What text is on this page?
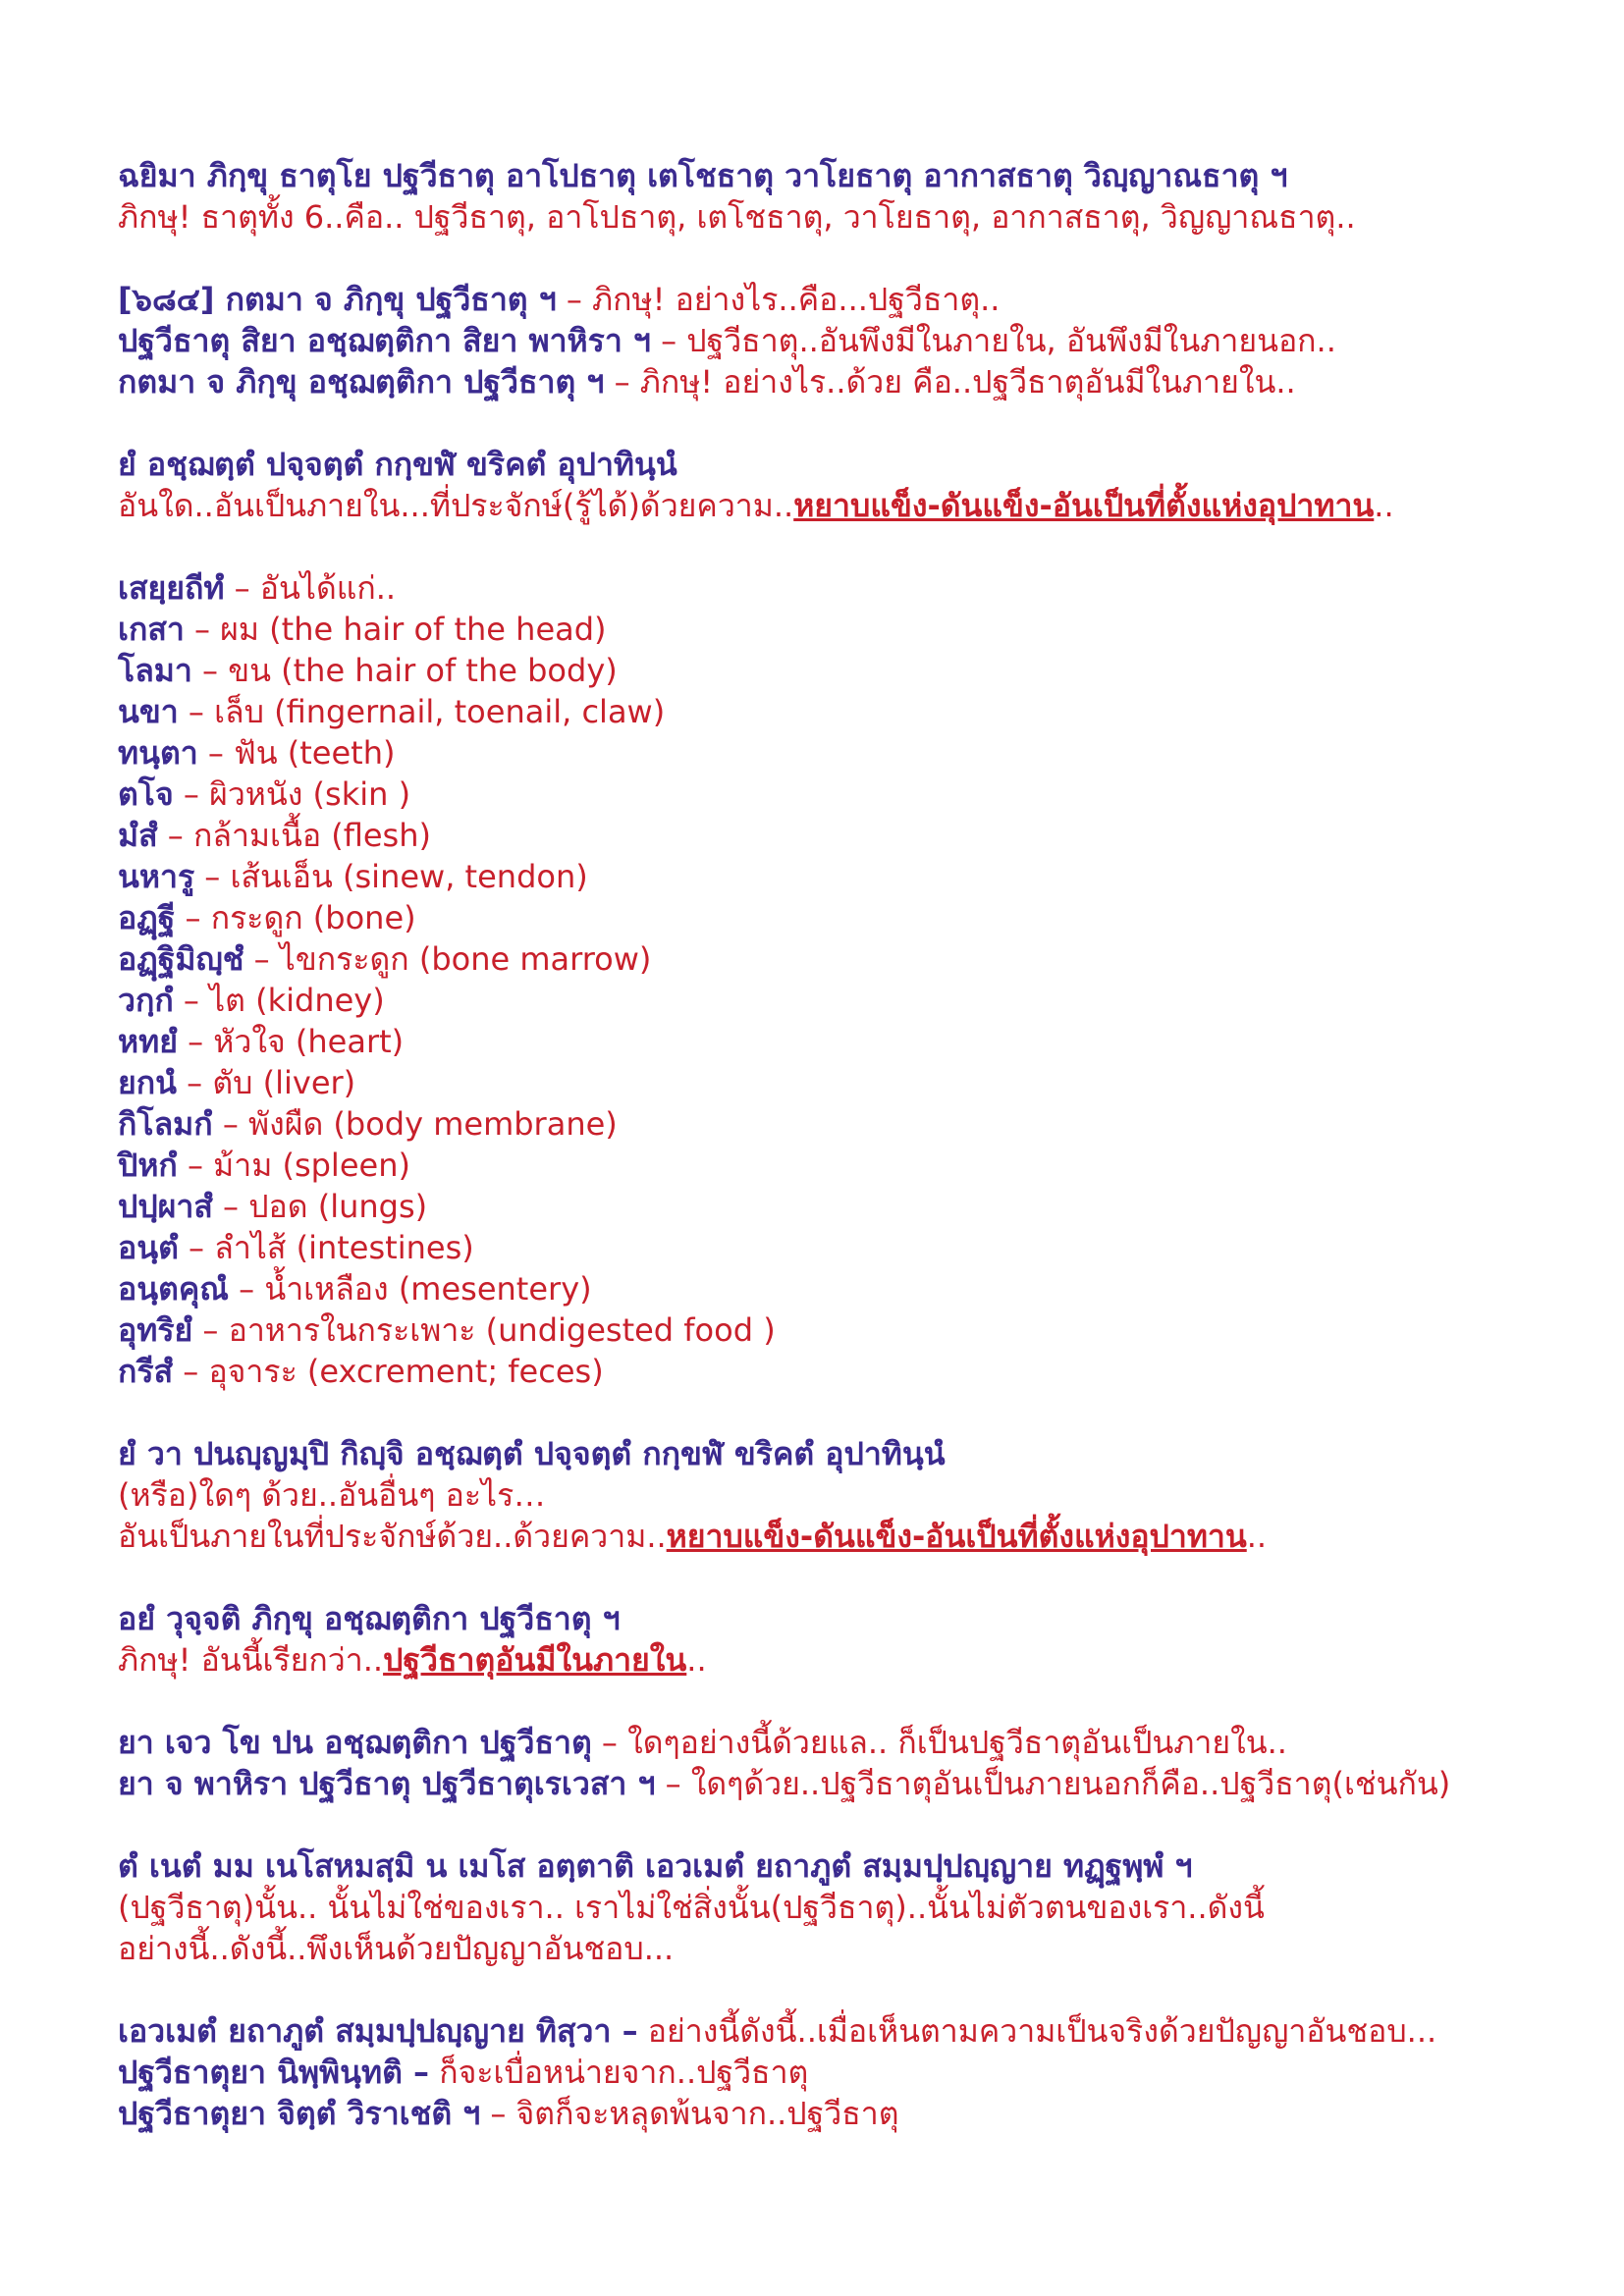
ฉยิมา ภิกฺขุ ธาตุโย ปฐวีธาตุ อาโปธาตุ เตโชธาตุ วาโยธาตุ อากาสธาตุ วิญฺญาณธาตุ ฯ
ภิกษุ! ธาตุทั้ง 6..คือ.. ปฐวีธาตุ, อาโปธาตุ, เตโชธาตุ, วาโยธาตุ, อากาสธาตุ, วิญญาณธาตุ..
[๖๘๔] กตมา จ ภิกฺขุ ปฐวีธาตุ ฯ – ภิกษุ! อย่างไร..คือ...ปฐวีธาตุ..
ปฐวีธาตุ สิยา อชฺฌตฺติกา สิยา พาหิรา ฯ – ปฐวีธาตุ..อันพึงมีในภายใน, อันพึงมีในภายนอก..
กตมา จ ภิกฺขุ อชฺฌตฺติกา ปฐวีธาตุ ฯ – ภิกษุ! อย่างไร..ด้วย คือ..ปฐวีธาตุอันมีในภายใน..
ยํ อชฺฌตฺตํ ปจฺจตฺตํ กกฺขฬํ ขริคตํ อุปาทินฺนํ
อันใด..อันเป็นภายใน...ที่ประจักษ์(รู้ได้)ด้วยความ..หยาบแข็ง-ดันแข็ง-อันเป็นที่ตั้งแห่งอุปาทาน..
เสยฺยถีทํ – อันได้แก่..
เกสา – ผม (the hair of the head)
โลมา – ขน (the hair of the body)
นขา – เล็บ (fingernail, toenail, claw)
ทนฺตา – ฟัน (teeth)
ตโจ – ผิวหนัง (skin )
มํสํ – กล้ามเนื้อ (flesh)
นหารู – เส้นเอ็น (sinew, tendon)
อฏฺฐี – กระดูก (bone)
อฏฺฐิมิญฺชํ – ไขกระดูก (bone marrow)
วกฺกํ – ไต (kidney)
หทยํ – หัวใจ (heart)
ยกนํ – ตับ (liver)
กิโลมกํ – พังผืด (body membrane)
ปิหกํ – ม้าม (spleen)
ปปฺผาสํ – ปอด (lungs)
อนฺตํ – ลำไส้ (intestines)
อนฺตคุณํ – น้ำเหลือง (mesentery)
อุทริยํ – อาหารในกระเพาะ (undigested food )
กรีสํ – อุจาระ (excrement; feces)
ยํ วา ปนญฺญมฺปิ กิญฺจิ อชฺฌตฺตํ ปจฺจตฺตํ กกฺขฬํ ขริคตํ อุปาทินฺนํ
(หรือ)ใดๆ ด้วย..อันอื่นๆ อะไร…
อันเป็นภายในที่ประจักษ์ด้วย..ด้วยความ..หยาบแข็ง-ดันแข็ง-อันเป็นที่ตั้งแห่งอุปาทาน..
อยํ วุจฺจติ ภิกฺขุ อชฺฌตฺติกา ปฐวีธาตุ ฯ
ภิกษุ! อันนี้เรียกว่า..ปฐวีธาตุอันมีในภายใน..
ยา เจว โข ปน อชฺฌตฺติกา ปฐวีธาตุ – ใดๆอย่างนี้ด้วยแล.. ก็เป็นปฐวีธาตุอันเป็นภายใน..
ยา จ พาหิรา ปฐวีธาตุ ปฐวีธาตุเรเวสา ฯ – ใดๆด้วย..ปฐวีธาตุอันเป็นภายนอกก็คือ..ปฐวีธาตุ(เช่นกัน)
ตํ เนตํ มม เนโสหมสฺมิ น เมโส อตฺตาติ เอวเมตํ ยถาภูตํ สมฺมปฺปญฺญาย ทฏฺฐพฺพํ ฯ
(ปฐวีธาตุ)นั้น.. นั้นไม่ใช่ของเรา.. เราไม่ใช่สิ่งนั้น(ปฐวีธาตุ)..นั้นไม่ตัวตนของเรา..ดังนี้
อย่างนี้..ดังนี้..พึงเห็นด้วยปัญญาอันชอบ...
เอวเมตํ ยถาภูตํ สมฺมปฺปญฺญาย ทิสฺวา – อย่างนี้ดังนี้..เมื่อเห็นตามความเป็นจริงด้วยปัญญาอันชอบ...
ปฐวีธาตุยา นิพฺพินฺทติ – ก็จะเบื่อหน่ายจาก..ปฐวีธาตุ
ปฐวีธาตุยา จิตฺตํ วิราเชติ ฯ – จิตก็จะหลุดพ้นจาก..ปฐวีธาตุ
